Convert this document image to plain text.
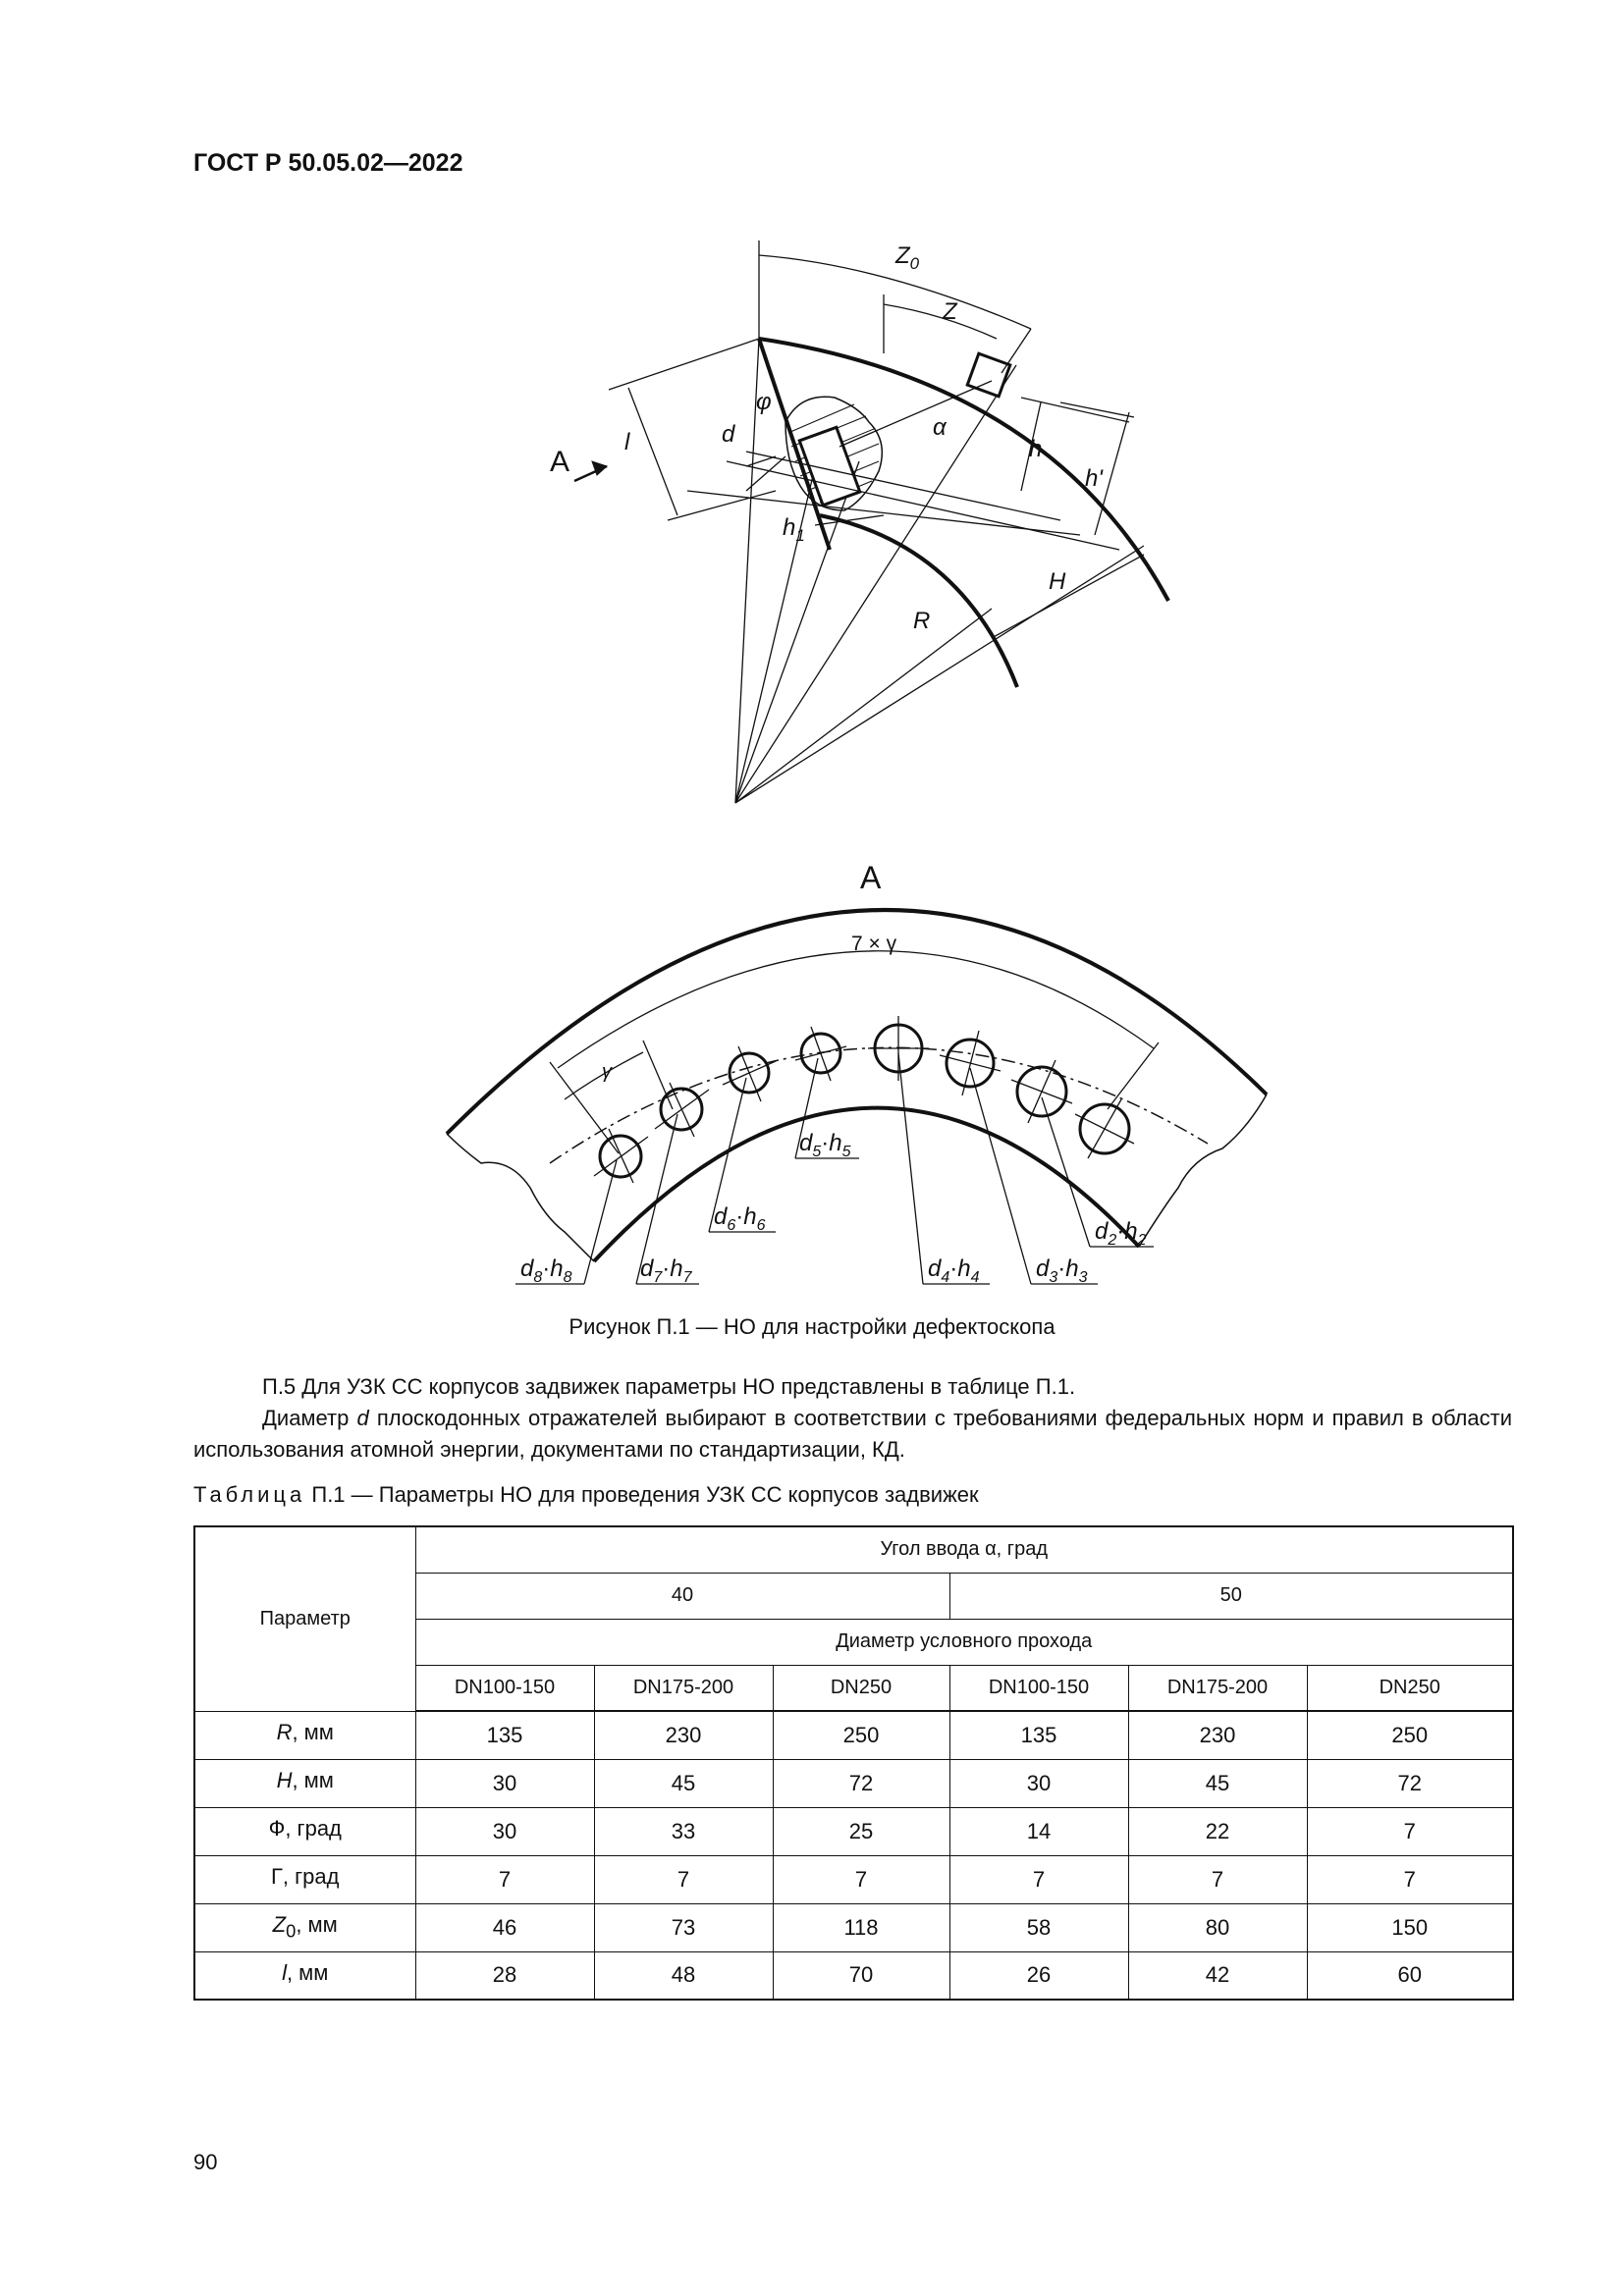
ГОСТ Р 50.05.02—2022
$Z_0$
Z
φ
α
A
l	d
h
h'
$h_1$
H
R
A
7 × γ
γ
$d_8\cdot h_8$	$d_7\cdot h_7$
$d_6\cdot h_6$
$d_5\cdot h_5$
$d_4\cdot h_4$ $d_3\cdot h_3$
$d_2\cdot h_2$
Рисунок П.1 — НО для настройки дефектоскопа
П.5 Для УЗК СС корпусов задвижек параметры НО представлены в таблице П.1.
Диаметр d плоскодонных отражателей выбирают в соответствии с требованиями федеральных норм и правил в области использования атомной энергии, документами по стандартизации, КД.
Таблица П.1 — Параметры НО для проведения УЗК СС корпусов задвижек
Параметр	Угол ввода α, град					
	40			50		
	Диаметр условного прохода					
	DN100-150	DN175-200	DN250	DN100-150	DN175-200	DN250
R, мм	135	230	250	135	230	250
H, мм	30	45	72	30	45	72
Ф, град	30	33	25	14	22	7
Г, град	7	7	7	7	7	7
$Z_0$, мм	46	73	118	58	80	150
l, мм	28	48	70	26	42	60
90
